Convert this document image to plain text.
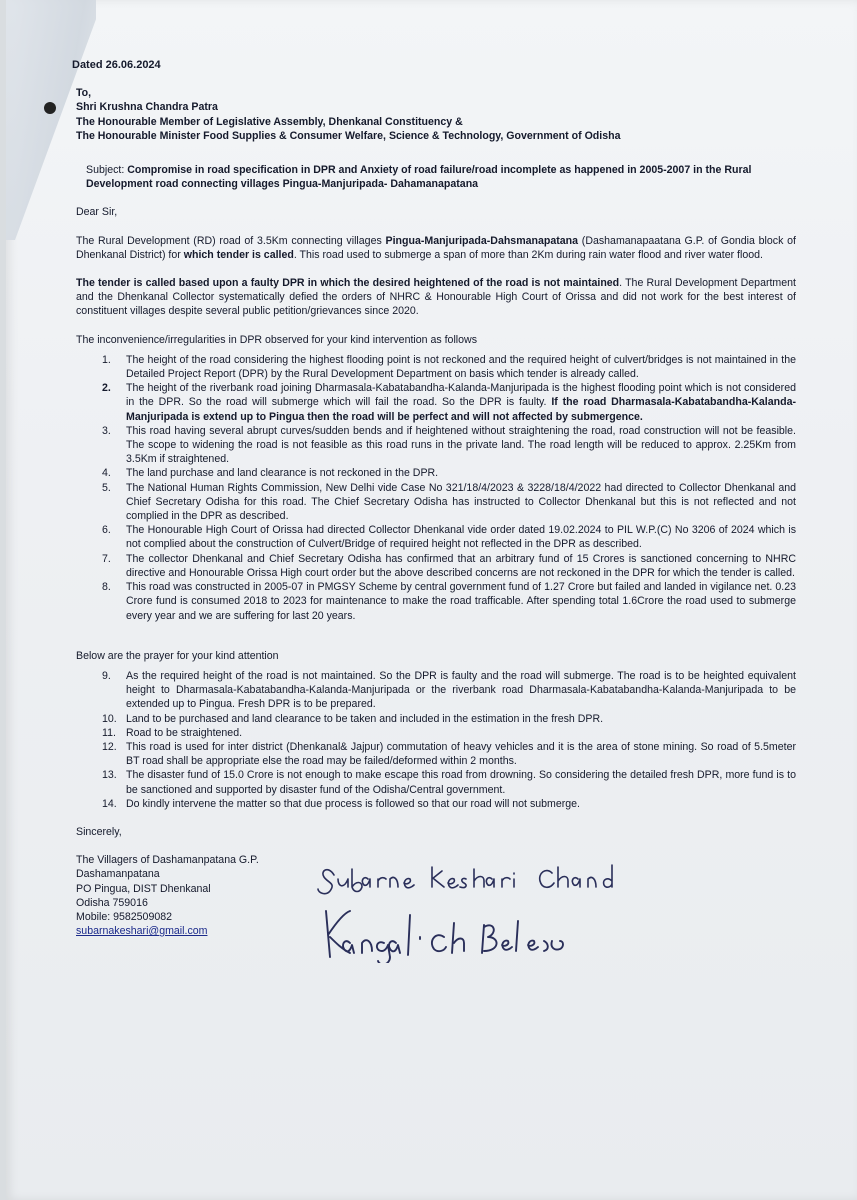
Dated 26.06.2024

To,

Shri Krushna Chandra Patra

The Honourable Member of Legislative Assembly, Dhenkanal Constituency &

The Honourable Minister Food Supplies & Consumer Welfare, Science & Technology, Government of Odisha

Subject: Compromise in road specification in DPR and Anxiety of road failure/road incomplete as happened in 2005-2007 in the Rural Development road connecting villages Pingua-Manjuripada- Dahamanapatana

Dear Sir,

The Rural Development (RD) road of 3.5Km connecting villages Pingua-Manjuripada-Dahsmanapatana (Dashamanapaatana G.P. of Gondia block of Dhenkanal District) for which tender is called. This road used to submerge a span of more than 2Km during rain water flood and river water flood.

The tender is called based upon a faulty DPR in which the desired heightened of the road is not maintained. The Rural Development Department and the Dhenkanal Collector systematically defied the orders of NHRC & Honourable High Court of Orissa and did not work for the best interest of constituent villages despite several public petition/grievances since 2020.

The inconvenience/irregularities in DPR observed for your kind intervention as follows

1.	The height of the road considering the highest flooding point is not reckoned and the required height of culvert/bridges is not maintained in the Detailed Project Report (DPR) by the Rural Development Department on basis which tender is already called.
2.	The height of the riverbank road joining Dharmasala-Kabatabandha-Kalanda-Manjuripada is the highest flooding point which is not considered in the DPR. So the road will submerge which will fail the road. So the DPR is faulty. If the road Dharmasala-Kabatabandha-Kalanda-Manjuripada is extend up to Pingua then the road will be perfect and will not affected by submergence.
3.	This road having several abrupt curves/sudden bends and if heightened without straightening the road, road construction will not be feasible. The scope to widening the road is not feasible as this road runs in the private land. The road length will be reduced to approx. 2.25Km from 3.5Km if straightened.
4.	The land purchase and land clearance is not reckoned in the DPR.
5.	The National Human Rights Commission, New Delhi vide Case No 321/18/4/2023 & 3228/18/4/2022 had directed to Collector Dhenkanal and Chief Secretary Odisha for this road. The Chief Secretary Odisha has instructed to Collector Dhenkanal but this is not reflected and not complied in the DPR as described.
6.	The Honourable High Court of Orissa had directed Collector Dhenkanal vide order dated 19.02.2024 to PIL W.P.(C) No 3206 of 2024 which is not complied about the construction of Culvert/Bridge of required height not reflected in the DPR as described.
7.	The collector Dhenkanal and Chief Secretary Odisha has confirmed that an arbitrary fund of 15 Crores is sanctioned concerning to NHRC directive and Honourable Orissa High court order but the above described concerns are not reckoned in the DPR for which the tender is called.
8.	This road was constructed in 2005-07 in PMGSY Scheme by central government fund of 1.27 Crore but failed and landed in vigilance net. 0.23 Crore fund is consumed 2018 to 2023 for maintenance to make the road trafficable. After spending total 1.6Crore the road used to submerge every year and we are suffering for last 20 years.

Below are the prayer for your kind attention

9.	As the required height of the road is not maintained. So the DPR is faulty and the road will submerge. The road is to be heighted equivalent height to Dharmasala-Kabatabandha-Kalanda-Manjuripada or the riverbank road Dharmasala-Kabatabandha-Kalanda-Manjuripada to be extended up to Pingua. Fresh DPR is to be prepared.
10. Land to be purchased and land clearance to be taken and included in the estimation in the fresh DPR.
11. Road to be straightened.
12. This road is used for inter district (Dhenkanal& Jajpur) commutation of heavy vehicles and it is the area of stone mining. So road of 5.5meter BT road shall be appropriate else the road may be failed/deformed within 2 months.
13. The disaster fund of 15.0 Crore is not enough to make escape this road from drowning. So considering the detailed fresh DPR, more fund is to be sanctioned and supported by disaster fund of the Odisha/Central government.
14. Do kindly intervene the matter so that due process is followed so that our road will not submerge.

Sincerely,

The Villagers of Dashamanpatana G.P.

Dashamanpatana

PO Pingua, DIST Dhenkanal

Odisha 759016

Mobile: 9582509082

subarnakeshari@gmail.com
